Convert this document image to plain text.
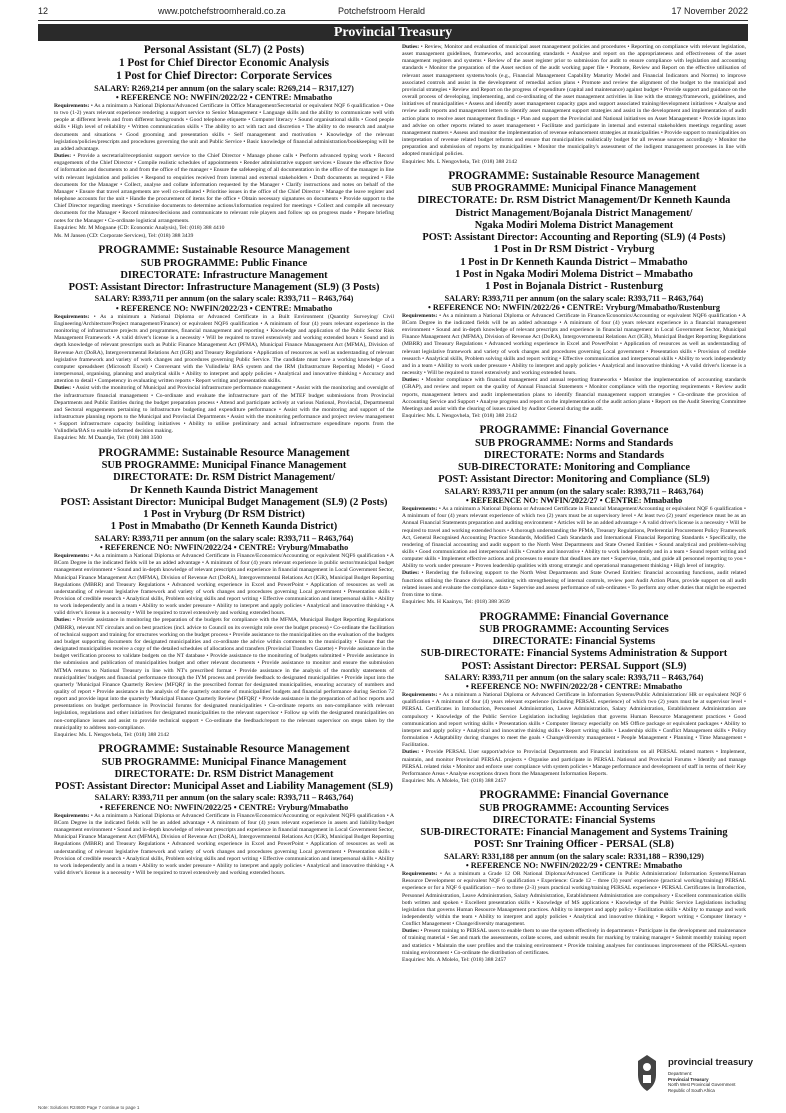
12	www.potchefstroomherald.co.za	Potchefstroom Herald	17 November 2022
Provincial Treasury
Personal Assistant (SL7) (2 Posts)
1 Post for Chief Director Economic Analysis
1 Post for Chief Director: Corporate Services
SALARY: R269,214 per annum (on the salary scale: R269,214 – R317,127)
• REFERENCE NO: NWFIN/2022/22 • CENTRE: Mmabatho

Requirements: • As a minimum a National Diploma/Advanced Certificate in Office Management/Secretarial or equivalent NQF 6 qualification • One to two (1-2) years relevant experience rendering a support service to Senior Management • Language skills and the ability to communicate well with people at different levels and from different backgrounds • Good telephone etiquette • Computer literacy • Sound organisational skills • Good people skills • High level of reliability • Written communication skills • The ability to act with tact and discretion • The ability to do research and analyse documents and situations • Good grooming and presentation skills • Self management and motivation • Knowledge of the relevant legislation/policies/prescripts and procedures governing the unit and Public Service • Basic knowledge of financial administration/bookkeeping will be an added advantage.

Duties: • Provide a secretarial/receptionist support service to the Chief Director • Manage phone calls • Perform advanced typing work • Record engagements of the Chief Director • Compile realistic schedules of appointments • Render administrative support services • Ensure the effective flow of information and documents to and from the office of the manager • Ensure the safekeeping of all documentation in the office of the manager in line with relevant legislation and policies • Respond to enquiries received from internal and external stakeholders • Draft documents as required • File documents for the Manager • Collect, analyse and collate information requested by the Manager • Clarify instructions and notes on behalf of the Manager • Ensure that travel arrangements are well co-ordinated • Prioritise issues in the office of the Chief Director • Manage the leave register and telephone accounts for the unit • Handle the procurement of items for the office • Obtain necessary signatures on documents • Provide support to the Chief Director regarding meetings • Scrutinise documents to determine actions/information required for meetings • Collect and compile all necessary documents for the Manager • Record minutes/decisions and communicate to relevant role players and follow up on progress made • Prepare briefing notes for the Manager • Co-ordinate logistical arrangements.

Enquiries: Mr. M Mogoane (CD: Economic Analysis), Tel: (018) 388 4410
Ms. M Jansen (CD: Corporate Services), Tel: (018) 388 3439
PROGRAMME: Sustainable Resource Management
SUB PROGRAMME: Public Finance
DIRECTORATE: Infrastructure Management
POST: Assistant Director: Infrastructure Management (SL9) (3 Posts)
SALARY: R393,711 per annum (on the salary scale: R393,711 – R463,764)
• REFERENCE NO: NWFIN/2022/23 • CENTRE: Mmabatho

Requirements: • As a minimum a National Diploma or Advanced Certificate in a Built Environment (Quantity Surveying/ Civil Engineering/Architecture/Project management/Finance) or equivalent NQF6 qualification • A minimum of four (4) years relevant experience in the monitoring of infrastructure projects and programmes, financial management and reporting • Knowledge and application of the Public Sector Risk Management Framework • A valid driver's license is a necessity • Will be required to travel extensively and working extended hours • Sound and in depth knowledge of relevant prescripts such as Public Finance Management Act (PFMA), Municipal Finance Management Act (MFMA), Division of Revenue Act (DoRA), Intergovernmental Relations Act (IGR) and Treasury Regulations • Application of resources as well as understanding of relevant legislative framework and variety of work changes and procedures governing Public Service. The candidate must have a working knowledge of a computer spreadsheet (Microsoft Excel) • Conversant with the Vulindlela/ BAS system and the IRM (Infrastructure Reporting Model) • Good interpersonal, organising, planning and analytical skills • Ability to interpret and apply policies • Analytical and innovative thinking • Accuracy and attention to detail • Competency in evaluating written reports • Report writing and presentation skills.

Duties: • Assist with the monitoring of Municipal and Provincial infrastructure performance management • Assist with the monitoring and oversight of the infrastructure financial management • Co-ordinate and evaluate the infrastructure part of the MTEF budget submissions from Provincial Departments and Public Entities during the budget preparation process • Attend and participate actively at various National, Provincial, Departmental and Sectoral engagements pertaining to infrastructure budgeting and expenditure performance • Assist with the monitoring and support of the infrastructure planning reports to the Municipal and Provincial Departments • Assist with the monitoring performance and project review management • Support infrastructure capacity building initiatives • Ability to utilise preliminary and actual infrastructure expenditure reports from the Vulindlela/BAS to enable informed decision making.

Enquiries: Mr. M Daantjie, Tel: (018) 388 3500
PROGRAMME: Sustainable Resource Management
SUB PROGRAMME: Municipal Finance Management
DIRECTORATE: Dr. RSM District Management/
Dr Kenneth Kaunda District Management
POST: Assistant Director: Municipal Budget Management (SL9) (2 Posts)
1 Post in Vryburg (Dr RSM District)
1 Post in Mmabatho (Dr Kenneth Kaunda District)
SALARY: R393,711 per annum (on the salary scale: R393,711 – R463,764)
• REFERENCE NO: NWFIN/2022/24 • CENTRE: Vryburg/Mmabatho

Requirements: • As a minimum a National Diploma or Advanced Certificate in Finance/Economics/Accounting or equivalent NQF6 qualification • A BCom Degree in the indicated fields will be an added advantage • A minimum of four (4) years relevant experience in public sector/municipal budget management environment • Sound and in-depth knowledge of relevant prescripts and experience in financial management in Local Government Sector, Municipal Finance Management Act (MFMA), Division of Revenue Act (DoRA), Intergovernmental Relations Act (IGR), Municipal Budget Reporting Regulations (MBRR) and Treasury Regulations • Advanced working experience in Excel and PowerPoint • Application of resources as well as understanding of relevant legislative framework and variety of work changes and procedures governing Local government • Presentation skills • Provision of credible research • Analytical skills, Problem solving skills and report writing • Effective communication and interpersonal skills • Ability to work independently and in a team • Ability to work under pressure • Ability to interpret and apply policies • Analytical and innovative thinking • A valid driver's license is a necessity • Will be required to travel extensively and working extended hours.

Duties: • Provide assistance in monitoring the preparation of the budgets for compliance with the MFMA, Municipal Budget Reporting Regulations (MBRR), relevant NT circulars and on best practices (incl. advice to Council on its oversight role over the budget process) • Co-ordinate the facilitation of technical support and training for structures working on the budget process • Provide assistance to the municipalities on the evaluation of the budgets and budget supporting documents for designated municipalities and co-ordinate the advice within comments to the municipality • Ensure that the designated municipalities receive a copy of the detailed schedules of allocations and transfers (Provincial Transfers Gazette) • Provide assistance in the budget verification process to validate budgets on the NT database • Provide assistance to the monitoring of budgets submitted • Provide assistance in the submission and publication of municipalities budget and other relevant documents • Provide assistance to monitor and ensure the submission MTMA returns to National Treasury in line with NT's prescribed format • Provide assistance in the analysis of the monthly statements of municipalities' budgets and financial performance through the IYM process and provide feedback to designated municipalities • Provide input into the quarterly 'Municipal Finance Quarterly Review (MFQR)' in the prescribed format for designated municipalities, ensuring accuracy of numbers and quality of report • Provide assistance in the analysis of the quarterly outcome of municipalities' budgets and financial performance during Section 72 report and provide input into the quarterly 'Municipal Finance Quarterly Review (MFQR)' • Provide assistance in the preparation of ad hoc reports and presentations on budget performance in Provincial forums for designated municipalities • Co-ordinate reports on non-compliance with relevant legislation, regulations and other initiatives for designated municipalities to the relevant supervisor • Follow up with the designated municipalities on non-compliance issues and assist to provide technical support • Co-ordinate the feedback/report to the relevant supervisor on steps taken by the municipality to address non-compliance.

Enquiries: Ms. L Nengovhela, Tel: (018) 388 2142
PROGRAMME: Sustainable Resource Management
SUB PROGRAMME: Municipal Finance Management
DIRECTORATE: Dr. RSM District Management
POST: Assistant Director: Municipal Asset and Liability Management (SL9)
SALARY: R393,711 per annum (on the salary scale: R393,711 – R463,764)
• REFERENCE NO: NWFIN/2022/25 • CENTRE: Vryburg/Mmabatho

Requirements: • As a minimum a National Diploma or Advanced Certificate in Finance/Economics/Accounting or equivalent NQF6 qualification • A BCom Degree in the indicated fields will be an added advantage • A minimum of four (4) years relevant experience in assets and liability/budget management environment • Sound and in-depth knowledge of relevant prescripts and experience in financial management in Local Government Sector, Municipal Finance Management Act (MFMA), Division of Revenue Act (DoRA), Intergovernmental Relations Act (IGR), Municipal Budget Reporting Regulations (MBRR) and Treasury Regulations • Advanced working experience in Excel and PowerPoint • Application of resources as well as understanding of relevant legislative framework and variety of work changes and procedures governing Local government • Presentation skills • Provision of credible research • Analytical skills, Problem solving skills and report writing • Effective communication and interpersonal skills • Ability to work independently and in a team • Ability to work under pressure • Ability to interpret and apply policies • Analytical and innovative thinking • A valid driver's license is a necessity • Will be required to travel extensively and working extended hours.

Duties: • Review, Monitor and evaluation of municipal asset management policies and procedures • Reporting on compliance with relevant legislation, asset management guidelines, frameworks, and accounting standards • Analyse and report on the appropriateness and effectiveness of the asset management registers and systems • Review of the asset register prior to submission for audit to ensure compliance with legislation and accounting standards • Monitor the preparation of the Asset section of the audit working paper file • Promote, Review and Report on the effective utilisation of relevant asset management systems/tools (e.g., Financial Management Capability Maturity Model and Financial Indicators and Norms) to improve associated controls and assist in the development of remedial action plans • Promote and review the alignment of the budget to the municipal and provincial strategies • Review and Report on the progress of expenditure (capital and maintenance) against budget • Provide support and guidance on the overall process of developing, implementing, and co-ordinating of the asset management activities in line with the strategy/framework, guidelines, and initiatives of municipalities • Assess and identify asset management capacity gaps and support associated training/development initiatives • Analyse and review audit reports and management letters to identify asset management support strategies and assist in the development and implementation of audit action plans to resolve asset management findings • Plan and support the Provincial and National initiatives on Asset Management • Provide inputs into and advise on other reports related to asset management • Facilitate and participate in internal and external stakeholders meetings regarding asset management matters • Assess and monitor the implementation of revenue enhancement strategies at municipalities • Provide support to municipalities on interpretation of revenue related budget reforms and ensure that municipalities realistically budget for all revenue sources accordingly • Monitor the preparation and submission of reports by municipalities • Monitor the municipality's assessment of the indigent management processes in line with adopted municipal policies.

Enquiries: Ms. L Nengovhela, Tel: (018) 388 2142
PROGRAMME: Sustainable Resource Management
SUB PROGRAMME: Municipal Finance Management
DIRECTORATE: Dr. RSM District Management/Dr Kenneth Kaunda District Management/Bojanala District Management/
Ngaka Modiri Molema District Management
POST: Assistant Director: Accounting and Reporting (SL9) (4 Posts)
1 Post in Dr RSM District - Vryburg
1 Post in Dr Kenneth Kaunda District – Mmabatho
1 Post in Ngaka Modiri Molema District – Mmabatho
1 Post in Bojanala District - Rustenburg
SALARY: R393,711 per annum (on the salary scale: R393,711 – R463,764)
• REFERENCE NO: NWFIN/2022/26 • CENTRE: Vryburg/Mmabatho/Rustenburg

Requirements: • As a minimum a National Diploma or Advanced Certificate in Finance/Economics/Accounting or equivalent NQF6 qualification • A BCom Degree in the indicated fields will be an added advantage • A minimum of four (4) years relevant experience in a financial management environment • Sound and in-depth knowledge of relevant prescripts and experience in financial management in Local Government Sector, Municipal Finance Management Act (MFMA), Division of Revenue Act (DoRA), Intergovernmental Relations Act (IGR), Municipal Budget Reporting Regulations (MBRR) and Treasury Regulations • Advanced working experience in Excel and PowerPoint • Application of resources as well as understanding of relevant legislative framework and variety of work changes and procedures governing Local government • Presentation skills • Provision of credible research • Analytical skills, Problem solving skills and report writing • Effective communication and interpersonal skills • Ability to work independently and in a team • Ability to work under pressure • Ability to interpret and apply policies • Analytical and innovative thinking • A valid driver's license is a necessity • Will be required to travel extensively and working extended hours.

Duties: • Monitor compliance with financial management and annual reporting frameworks • Monitor the implementation of accounting standards (GRAP), and review and report on the quality of Annual Financial Statements • Monitor compliance with the reporting requirements • Review audit reports, management letters and audit implementation plans to identify financial management support strategies • Co-ordinate the provision of Accounting Service and Support • Analyse progress and report on the implementation of the audit action plans • Report on the Audit Steering Committee Meetings and assist with the clearing of issues raised by Auditor General during the audit.

Enquiries: Ms. L Nengovhela, Tel: (018) 388 2142
PROGRAMME: Financial Governance
SUB PROGRAMME: Norms and Standards
DIRECTORATE: Norms and Standards
SUB-DIRECTORATE: Monitoring and Compliance
POST: Assistant Director: Monitoring and Compliance (SL9)
SALARY: R393,711 per annum (on the salary scale: R393,711 – R463,764)
• REFERENCE NO: NWFIN/2022/27 • CENTRE: Mmabatho

Requirements: • As a minimum a National Diploma or Advanced Certificate in Financial Management/Accounting or equivalent NQF 6 qualification • A minimum of four (4) years relevant experience of which two (2) years must be at supervisory level • At least two (2) years' experience must be as an Annual Financial Statements preparation and auditing environment • Articles will be an added advantage • A valid driver's license is a necessity • Will be required to travel and working extended hours • A thorough understanding the PFMA, Treasury Regulations, Preferential Procurement Policy Framework Act, General Recognised Accounting Practice Standards, Modified Cash Standards and International Financial Reporting Standards • Specifically, the rendering of financial accounting and audit support to the North West Departments and State Owned Entities • Sound analytical and problem-solving skills • Good communication and interpersonal skills • Creative and innovative • Ability to work independently and in a team • Sound report writing and computer skills • Implement effective actions and processes to ensure that deadlines are met • Supervise, train, and guide all personnel reporting to you • Ability to work under pressure • Proven leadership qualities with strong strategic and operational management thinking • High level of integrity.

Duties: • Rendering the following support to the North West Departments and State Owned Entities: financial accounting functions, audit related functions utilising the finance divisions, assisting with strengthening of internal controls, review post Audit Action Plans, provide support on all audit related issues and evaluate the compliance data • Supervise and assess performance of sub-ordinates • To perform any other duties that might be expected from time to time.

Enquiries: Ms. H Kaainyu, Tel: (018) 388 3639
PROGRAMME: Financial Governance
SUB PROGRAMME: Accounting Services
DIRECTORATE: Financial Systems
SUB-DIRECTORATE: Financial Systems Administration & Support
POST: Assistant Director: PERSAL Support (SL9)
SALARY: R393,711 per annum (on the salary scale: R393,711 – R463,764)
• REFERENCE NO: NWFIN/2022/28 • CENTRE: Mmabatho

Requirements: • As a minimum a National Diploma or Advanced Certificate in Information Systems/Public Administration/ HR or equivalent NQF 6 qualification • A minimum of four (4) years relevant experience (including PERSAL experience) of which two (2) years must be at supervisor level • PERSAL Certificates in Introduction, Personnel Administration, Leave Administration, Salary Administration, Establishment Administration are compulsory • Knowledge of the Public Service Legislation including legislation that governs Human Resource Management practices • Good communication and report writing skills • Presentation skills • Computer literacy especially on MS Office package or equivalent packages • Ability to interpret and apply policy • Analytical and innovative thinking skills • Report writing skills • Leadership skills • Conflict Management skills • Policy formulation • Adaptability during changes to meet the goals • Change/diversity management • People Management • Planning • Time Management • Facilitation.

Duties: • Provide PERSAL User support/advice to Provincial Departments and Financial institutions on all PERSAL related matters • Implement, maintain, and monitor Provincial PERSAL projects • Organise and participate in PERSAL National and Provincial Forums • Identify and manage PERSAL related risks • Monitor and enforce user compliance with system policies • Manage performance and development of staff in terms of their Key Performance Areas • Analyse exceptions drawn from the Management Information Reports.

Enquiries: Ms. A Molelo, Tel: (018) 388 2457
PROGRAMME: Financial Governance
SUB PROGRAMME: Accounting Services
DIRECTORATE: Financial Systems
SUB-DIRECTORATE: Financial Management and Systems Training
POST: Snr Training Officer - PERSAL (SL8)
SALARY: R331,188 per annum (on the salary scale: R331,188 – R390,129)
• REFERENCE NO: NWFIN/2022/29 • CENTRE: Mmabatho

Requirements: • As a minimum a Grade 12 OR National Diploma/Advanced Certificate in Public Administration/ Information Systems/Human Resource Development or equivalent NQF 6 qualification • Experience: Grade 12 – three (3) years' experience (practical working/training) PERSAL experience or for a NQF 6 qualification – two to three (2-3) years practical working/training PERSAL experience • PERSAL Certificates in Introduction, Personnel Administration, Leave Administration, Salary Administration, Establishment Administration are compulsory • Excellent communication skills both written and spoken • Excellent presentation skills • Knowledge of MS applications • Knowledge of the Public Service Legislations including legislation that governs Human Resource Management practices. Ability to interpret and apply policy • Facilitation skills • Ability to manage and work independently within the team • Ability to interpret and apply policies • Analytical and innovative thinking • Report writing • Computer literacy • Conflict Management • Change/diversity management.

Duties: • Present training to PERSAL users to enable them to use the system effectively in departments • Participate in the development and maintenance of training material • Set and mark the assessments, collate scores, and submit results for marking by training manager • Submit monthly training report and statistics • Maintain the user profiles and the training environment • Provide training analyses for continuous improvement of the PERSAL-system training environment • Co-ordinate the distribution of certificates.

Enquiries: Ms. A Molelo, Tel: (018) 388 2457
Note: Solutions R24600 Page 7 continue to page 1
provincial treasury
Department:
Provincial Treasury
North West Provincial Government
Republic of South Africa
